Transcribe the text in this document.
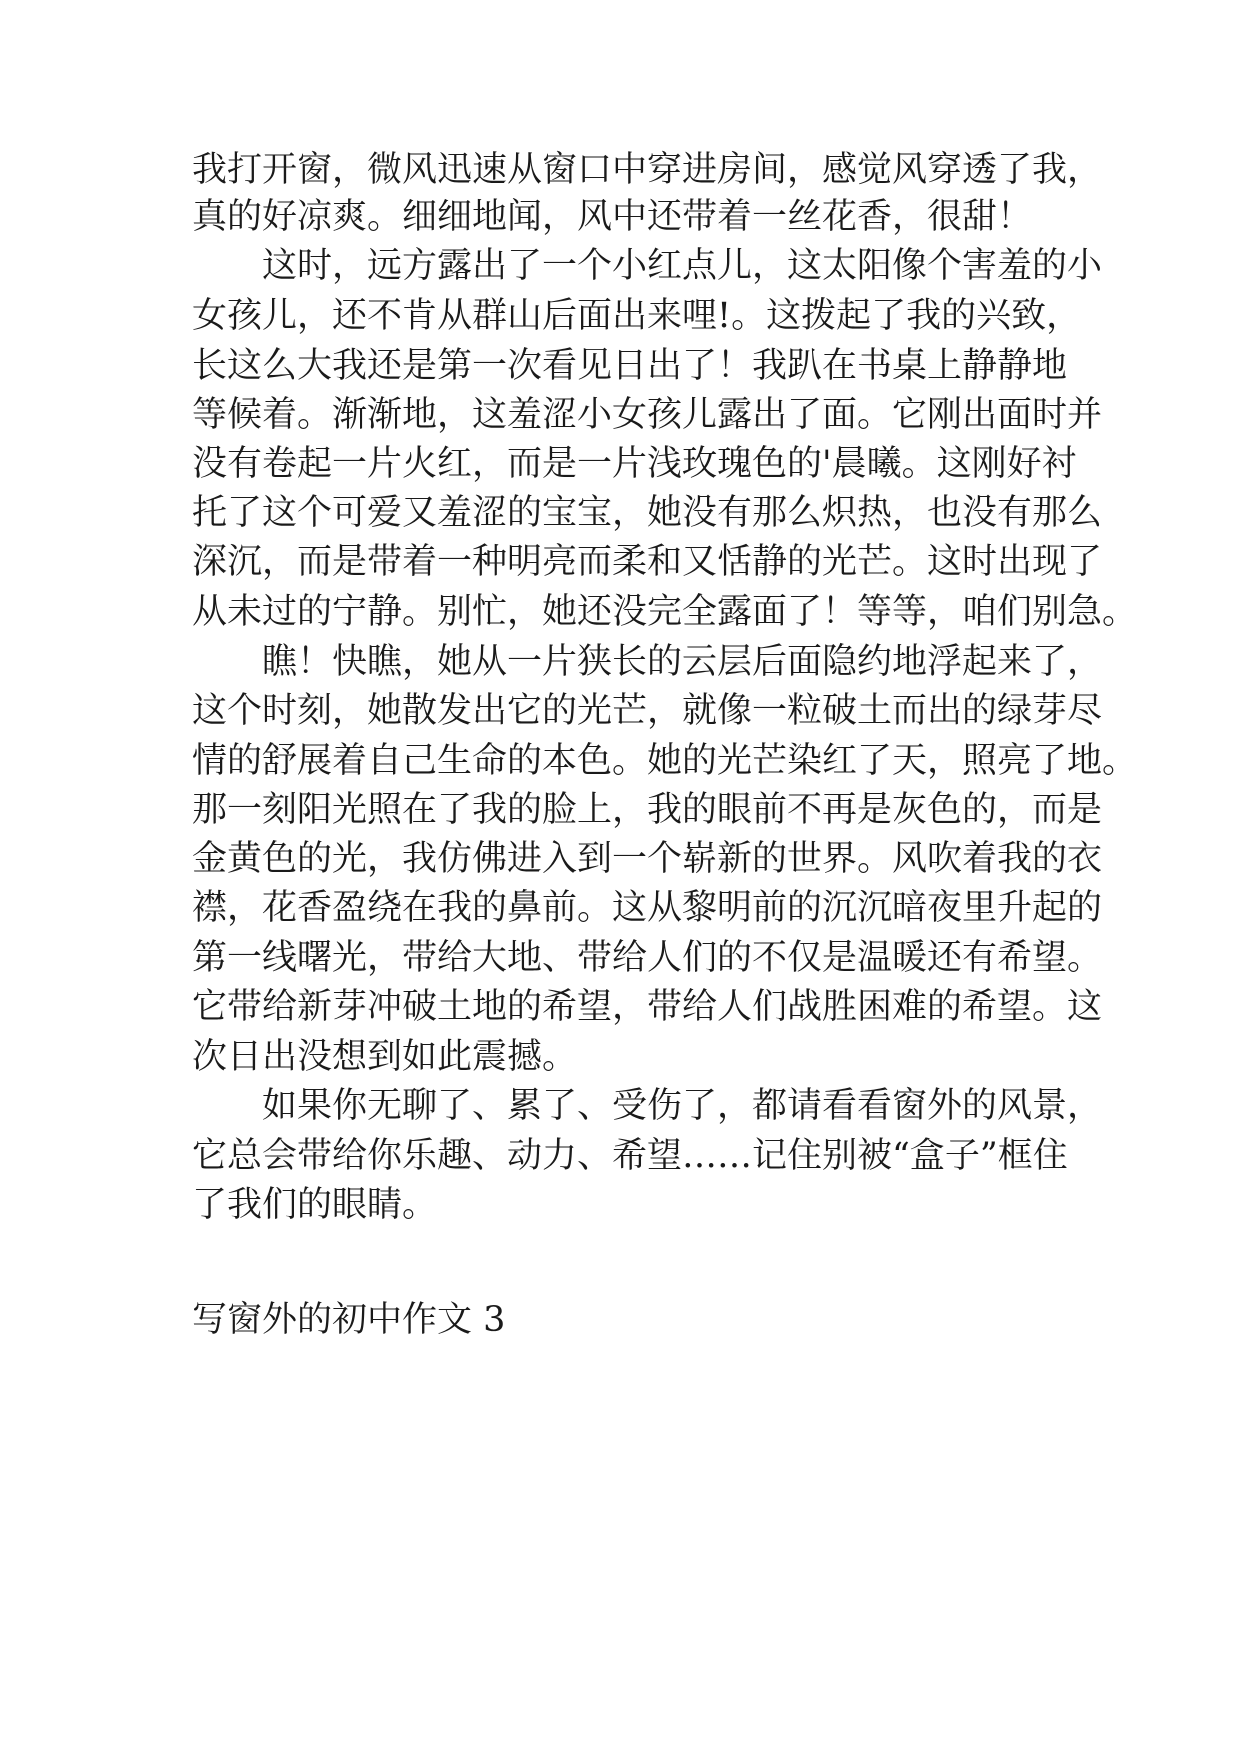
我打开窗，微风迅速从窗口中穿进房间，感觉风穿透了我，
真的好凉爽。细细地闻，风中还带着一丝花香，很甜！
这时，远方露出了一个小红点儿，这太阳像个害羞的小
女孩儿，还不肯从群山后面出来哩!。这拨起了我的兴致，
长这么大我还是第一次看见日出了！我趴在书桌上静静地
等候着。渐渐地，这羞涩小女孩儿露出了面。它刚出面时并
没有卷起一片火红，而是一片浅玫瑰色的'晨曦。这刚好衬
托了这个可爱又羞涩的宝宝，她没有那么炽热，也没有那么
深沉，而是带着一种明亮而柔和又恬静的光芒。这时出现了
从未过的宁静。别忙，她还没完全露面了！等等，咱们别急。
瞧！快瞧，她从一片狭长的云层后面隐约地浮起来了，
这个时刻，她散发出它的光芒，就像一粒破土而出的绿芽尽
情的舒展着自己生命的本色。她的光芒染红了天，照亮了地。
那一刻阳光照在了我的脸上，我的眼前不再是灰色的，而是
金黄色的光，我仿佛进入到一个崭新的世界。风吹着我的衣
襟，花香盈绕在我的鼻前。这从黎明前的沉沉暗夜里升起的
第一线曙光，带给大地、带给人们的不仅是温暖还有希望。
它带给新芽冲破土地的希望，带给人们战胜困难的希望。这
次日出没想到如此震撼。
如果你无聊了、累了、受伤了，都请看看窗外的风景，
它总会带给你乐趣、动力、希望……记住别被“盒子”框住
了我们的眼睛。
写窗外的初中作文 3
